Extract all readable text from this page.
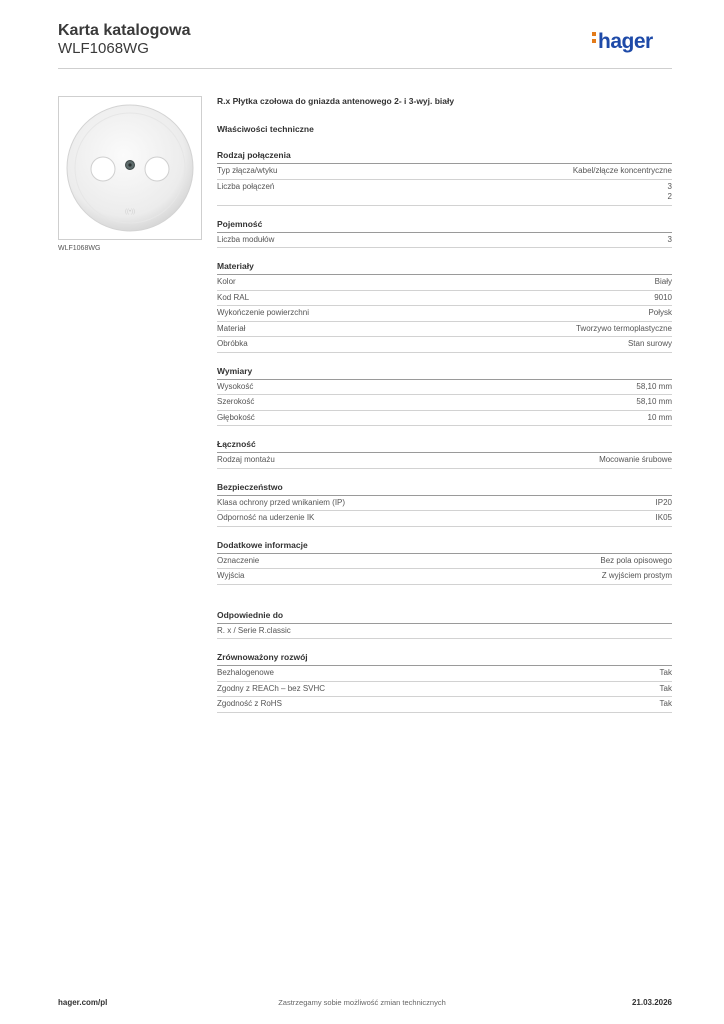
Karta katalogowa
WLF1068WG	hager
((•))
WLF1068WG
R.x Płytka czołowa do gniazda antenowego 2- i 3-wyj. biały
Właściwości techniczne
Rodzaj połączenia
Typ złącza/wtyku	Kabel/złącze koncentryczne
Liczba połączeń	3
2
Pojemność
Liczba modułów	3
Materiały
Kolor	Biały
Kod RAL	9010
Wykończenie powierzchni	Połysk
Materiał	Tworzywo termoplastyczne
Obróbka	Stan surowy
Wymiary
Wysokość	58,10 mm
Szerokość	58,10 mm
Głębokość	10 mm
Łączność
Rodzaj montażu	Mocowanie śrubowe
Bezpieczeństwo
Klasa ochrony przed wnikaniem (IP)	IP20
Odporność na uderzenie IK	IK05
Dodatkowe informacje
Oznaczenie	Bez pola opisowego
Wyjścia	Z wyjściem prostym
Odpowiednie do
R. x / Serie R.classic
Zrównoważony rozwój
Bezhalogenowe	Tak
Zgodny z REACh – bez SVHC	Tak
Zgodność z RoHS	Tak
hager.com/pl	Zastrzegamy sobie możliwość zmian technicznych	21.03.2026
